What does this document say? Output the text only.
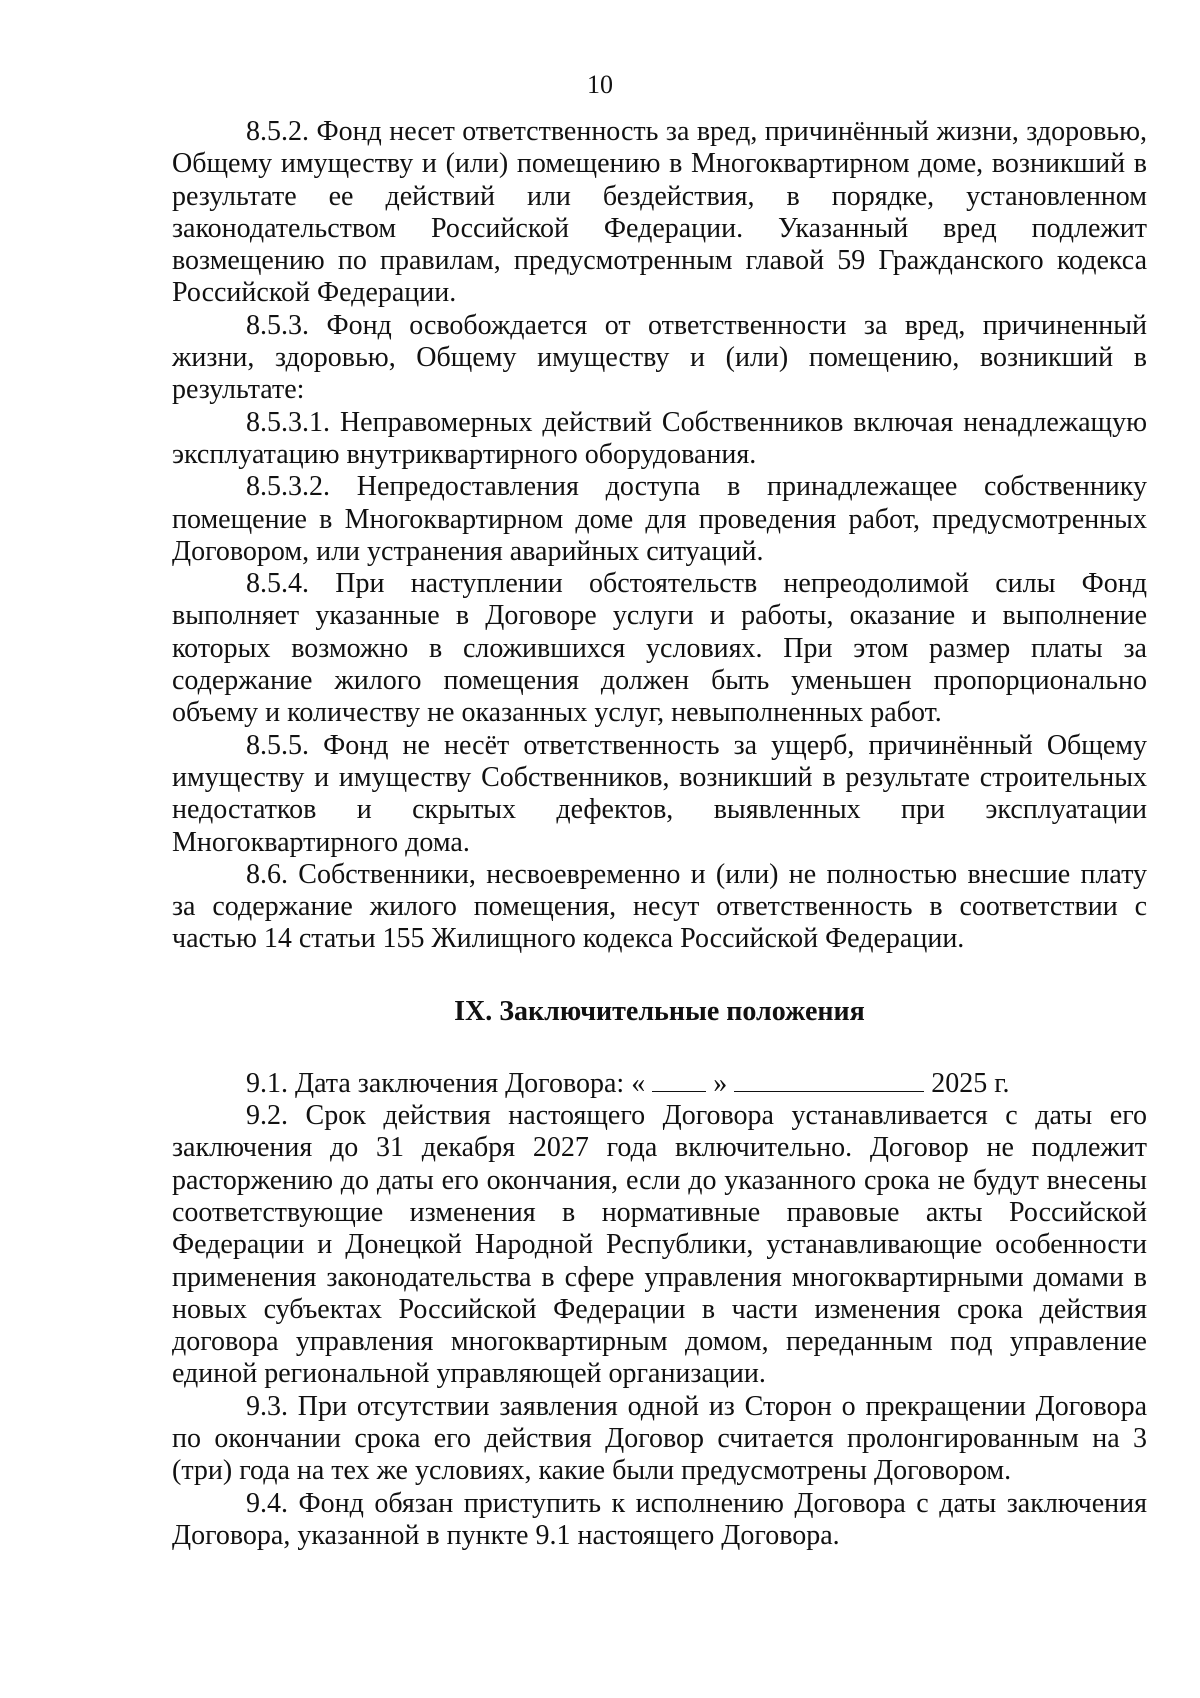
10

8.5.2. Фонд несет ответственность за вред, причинённый жизни, здоровью, Общему имуществу и (или) помещению в Многоквартирном доме, возникший в результате ее действий или бездействия, в порядке, установленном законодательством Российской Федерации. Указанный вред подлежит возмещению по правилам, предусмотренным главой 59 Гражданского кодекса Российской Федерации.

8.5.3. Фонд освобождается от ответственности за вред, причиненный жизни, здоровью, Общему имуществу и (или) помещению, возникший в результате:

8.5.3.1. Неправомерных действий Собственников включая ненадлежащую эксплуатацию внутриквартирного оборудования.

8.5.3.2. Непредоставления доступа в принадлежащее собственнику помещение в Многоквартирном доме для проведения работ, предусмотренных Договором, или устранения аварийных ситуаций.

8.5.4. При наступлении обстоятельств непреодолимой силы Фонд выполняет указанные в Договоре услуги и работы, оказание и выполнение которых возможно в сложившихся условиях. При этом размер платы за содержание жилого помещения должен быть уменьшен пропорционально объему и количеству не оказанных услуг, невыполненных работ.

8.5.5. Фонд не несёт ответственность за ущерб, причинённый Общему имуществу и имуществу Собственников, возникший в результате строительных недостатков и скрытых дефектов, выявленных при эксплуатации Многоквартирного дома.

8.6. Собственники, несвоевременно и (или) не полностью внесшие плату за содержание жилого помещения, несут ответственность в соответствии с частью 14 статьи 155 Жилищного кодекса Российской Федерации.

IX. Заключительные положения

9.1. Дата заключения Договора: « »	2025 г.

9.2. Срок действия настоящего Договора устанавливается с даты его заключения до 31 декабря 2027 года включительно. Договор не подлежит расторжению до даты его окончания, если до указанного срока не будут внесены соответствующие изменения в нормативные правовые акты Российской Федерации и Донецкой Народной Республики, устанавливающие особенности применения законодательства в сфере управления многоквартирными домами в новых субъектах Российской Федерации в части изменения срока действия договора управления многоквартирным домом, переданным под управление единой региональной управляющей организации.

9.3. При отсутствии заявления одной из Сторон о прекращении Договора по окончании срока его действия Договор считается пролонгированным на 3 (три) года на тех же условиях, какие были предусмотрены Договором.

9.4. Фонд обязан приступить к исполнению Договора с даты заключения Договора, указанной в пункте 9.1 настоящего Договора.
